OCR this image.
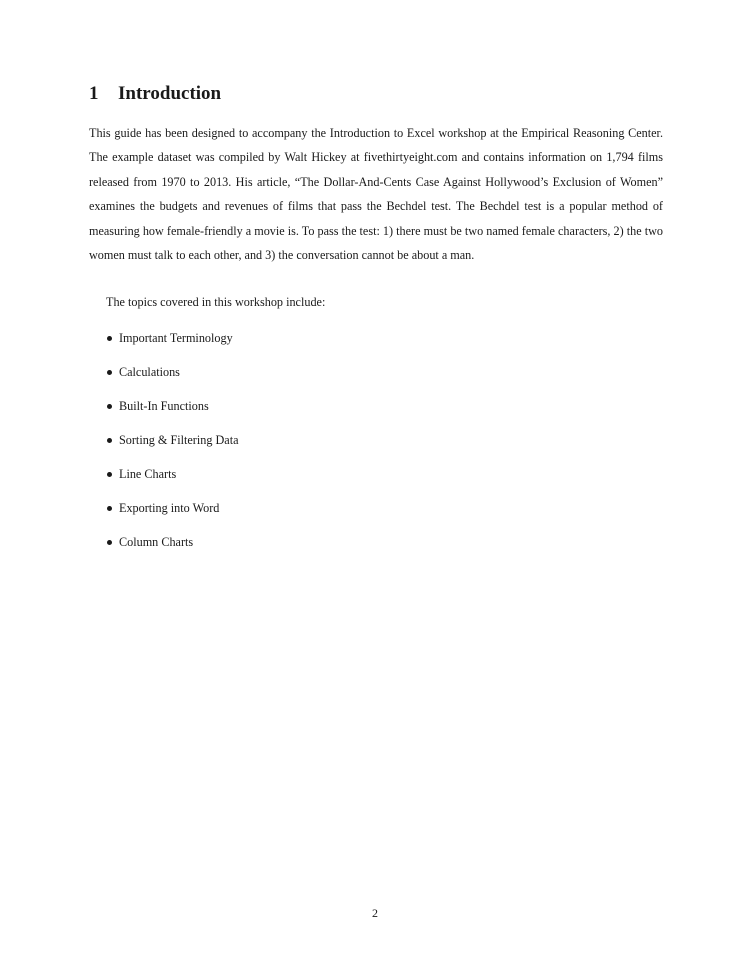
1 Introduction

This guide has been designed to accompany the Introduction to Excel workshop at the Empirical Reasoning Center. The example dataset was compiled by Walt Hickey at fivethirtyeight.com and contains information on 1,794 films released from 1970 to 2013. His article, “The Dollar-And-Cents Case Against Hollywood’s Exclusion of Women” examines the budgets and revenues of films that pass the Bechdel test. The Bechdel test is a popular method of measuring how female-friendly a movie is. To pass the test: 1) there must be two named female characters, 2) the two women must talk to each other, and 3) the conversation cannot be about a man.

The topics covered in this workshop include:

Important Terminology
Calculations
Built-In Functions
Sorting & Filtering Data
Line Charts
Exporting into Word
Column Charts
2
